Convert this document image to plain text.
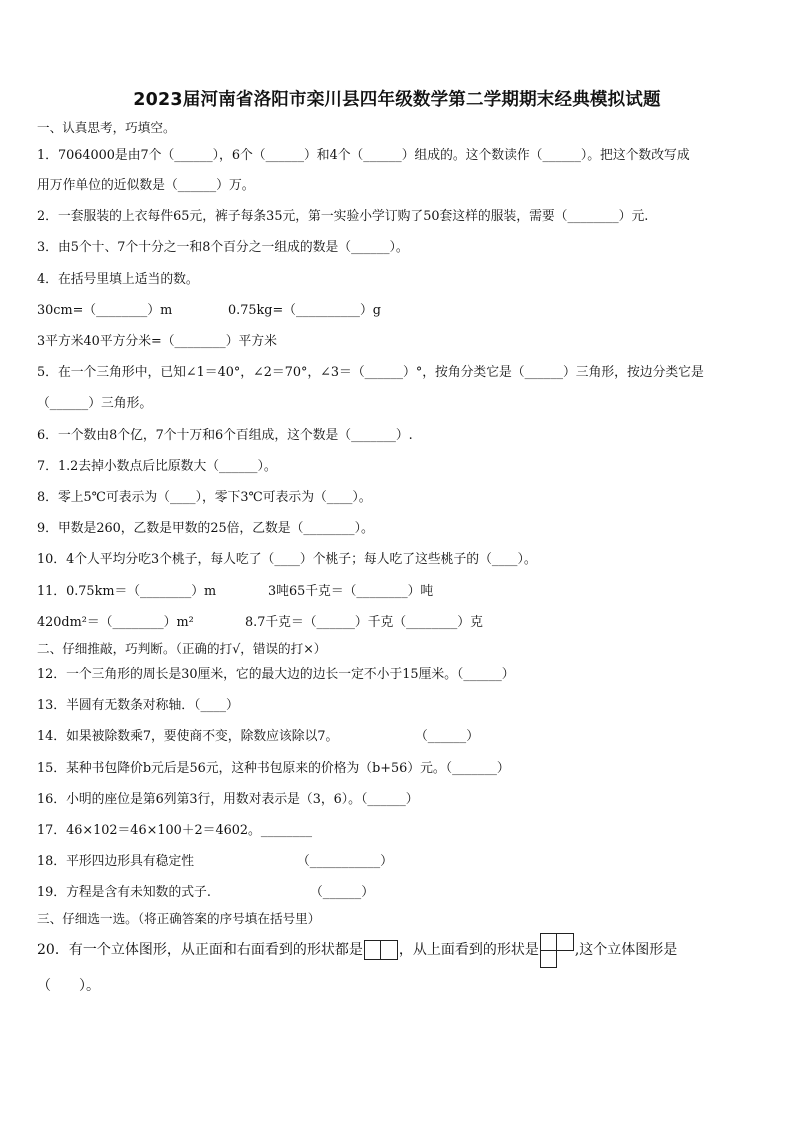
2023届河南省洛阳市栾川县四年级数学第二学期期末经典模拟试题
一、认真思考，巧填空。
1．7064000是由7个（______），6个（______）和4个（______）组成的。这个数读作（______）。把这个数改写成
用万作单位的近似数是（______）万。
2．一套服装的上衣每件65元，裤子每条35元，第一实验小学订购了50套这样的服装，需要（________）元.
3．由5个十、7个十分之一和8个百分之一组成的数是（______）。
4．在括号里填上适当的数。
30cm=（________）m	0.75kg=（__________）g
3平方米40平方分米=（________）平方米
5．在一个三角形中，已知∠1＝40°，∠2＝70°，∠3＝（______）°，按角分类它是（______）三角形，按边分类它是
（______）三角形。
6．一个数由8个亿，7个十万和6个百组成，这个数是（_______）.
7．1.2去掉小数点后比原数大（______）。
8．零上5℃可表示为（____），零下3℃可表示为（____）。
9．甲数是260，乙数是甲数的25倍，乙数是（________）。
10．4个人平均分吃3个桃子，每人吃了（____）个桃子；每人吃了这些桃子的（____）。
11．0.75km＝（________）m	3吨65千克＝（________）吨
420dm²＝（________）m²	8.7千克＝（______）千克（________）克
二、仔细推敲，巧判断。（正确的打√，错误的打×）
12．一个三角形的周长是30厘米，它的最大边的边长一定不小于15厘米。（______）
13．半圆有无数条对称轴．（____）
14．如果被除数乘7，要使商不变，除数应该除以7。	（______）
15．某种书包降价b元后是56元，这种书包原来的价格为（b+56）元。（_______）
16．小明的座位是第6列第3行，用数对表示是（3，6）。（______）
17．46×102＝46×100＋2＝4602。________
18．平形四边形具有稳定性	（___________）
19．方程是含有未知数的式子.	（______）
三、仔细选一选。（将正确答案的序号填在括号里）
20．有一个立体图形，从正面和右面看到的形状都是	，从上面看到的形状是	,这个立体图形是
（　　）。
